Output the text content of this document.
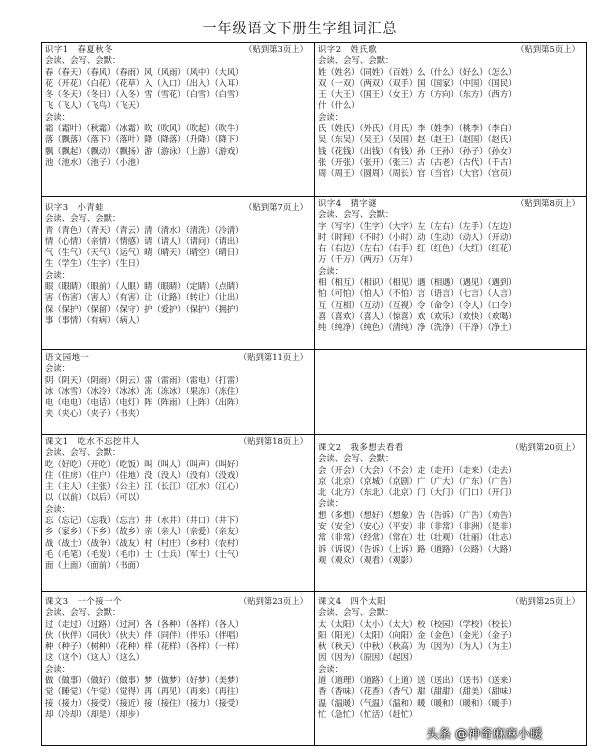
一年级语文下册生字组词汇总
识字1　春夏秋冬	（贴到第3页上）
会读、会写、会默：
春（春天）（春风）（春雨）风（风雨）（风中）（大风）
花（开花）（白花）（花草）入（入口）（出入）（入耳）
冬（冬天）（冬日）（入冬）雪（雪花）（白雪）（白雪）
飞（飞人）（飞鸟）（飞天）
会读：
霜（霜叶）（秋霜）（冰霜）吹（吹风）（吹起）（吹牛）
落（飘落）（落下）（落叶）降（降落）（升降）（降下）
飘（飘起）（飘动）（飘扬）游（游泳）（上游）（游戏）
池（池水）（池子）（小池）
识字2　姓氏歌	（贴到第5页上）
会读、会写、会默：
姓（姓名）（同姓）（百姓）么（什么）（好么）（怎么）
双（一双）（两双）（双手）国（国家）（中国）（国民）
王（大王）（国王）（女王）方（方向）（东方）（西方）
什（什么）
会读：
氏（姓氏）（外氏）（月氏）李（姓李）（桃李）（李白）
吴（东吴）（吴王）（吴国）赵（赵王）（赵国）（赵氏）
钱（花钱）（出钱）（有钱）孙（王孙）（孙子）（孙女）
张（开张）（张开）（张三）古（古老）（古代）（千古）
周（周王）（圆周）（周长）官（当官）（大官）（官员）
识字3　小青蛙	（贴到第7页上）
会读、会写、会默：
青（青色）（青天）（青云）清（清水）（清洗）（冷清）
情（心情）（亲情）（情感）请（请人）（请问）（请出）
气（生气）（天气）（运气）晴（晴天）（晴空）（晴日）
生（学生）（生字）（生日）
会读：
眼（眼睛）（眼前）（人眼）睛（眼睛）（定睛）（点睛）
害（伤害）（害人）（有害）让（让路）（转让）（让出）
保（保护）（保留）（保守）护（爱护）（保护）（拥护）
事（事情）（有病）（病人）
识字4　猜字谜	（贴到第8页上）
会读、会写、会默：
字（写字）（生字）（大字）左（左右）（左手）（左边）
时（时间）（不时）（小时）动（生动）（动人）（开动）
右（右边）（左右）（右手）红（红色）（大红）（红花）
万（千万）（两万）（万年）
会读：
相（相互）（相识）（相见）遇（相遇）（遇见）（遇到）
怕（可怕）（怕人）（不怕）言（语言）（七言）（人言）
互（互相）（互动）（互视）令（命令）（令人）（口令）
喜（喜欢）（喜人）（惊喜）欢（欢乐）（欢快）（欢喝）
纯（纯净）（纯色）（清纯）净（洗净）（干净）（净土）
语文园地一	（贴到第11页上）
会读：
阴（阴天）（阴雨）（阴云）雷（雷雨）（雷电）（打雷）
冰（冰雪）（冰冷）（冰冰）冻（冻冰）（果冻）（冻住）
电（电电）（电话）（电灯）阵（阵雨）（上阵）（出阵）
夹（夹心）（夹子）（书夹）
课文1　吃水不忘挖井人	（贴到第18页上）
会读、会写、会默：
吃（好吃）（开吃）（吃饭）叫（叫人）（叫声）（叫好）
住（住房）（住户）（住地）没（没人）（没有）（没戏）
主（主人）（主张）（公主）江（长江）（江水）（江心）
以（以前）（以后）（可以）
会读：
忘（忘记）（忘我）（忘言）井（水井）（井口）（井下）
乡（家乡）（下乡）（故乡）亲（亲人）（亲爱）（亲友）
战（战士）（战争）（战友）村（村庄）（乡村）（农村）
毛（毛笔）（毛发）（毛巾）士（士兵）（军士）（士气）
面（上面）（面前）（书面）
课文2　我多想去看看	（贴到第20页上）
会读、会写、会默：
会（开会）（大会）（不会）走（走开）（走来）（走去）
京（北京）（京城）（京剧）广（广大）（广东）（广告）
北（北方）（东北）（北京）门（大门）（门口）（开门）
会读：
想（多想）（想好）（想象）告（告诉）（广告）（劝告）
安（安全）（安心）（平安）非（非常）（非洲）（是非）
常（非常）（经常）（常在）壮（壮观）（壮丽）（壮志）
诉（诉说）（告诉）（上诉）路（道路）（公路）（大路）
观（观众）（观看）（观影）
课文3　一个接一个	（贴到第23页上）
会读、会写、会默：
过（走过）（过路）（过河）各（各种）（各样）（各人）
伙（伙伴）（同伙）（伙夫）伴（同伴）（伴乐）（伴唱）
种（种子）（树种）（花种）样（花样）（各样）（一样）
这（这个）（这人）（这么）
会读：
做（做事）（做好）（做事）梦（做梦）（好梦）（美梦）
觉（睡觉）（午觉）（觉得）再（再见）（再来）（再往）
接（接力）（接受）（接近）接（接住）（接力）（接受）
却（冷却）（却是）（却步）
课文4　四个太阳	（贴到第25页上）
会读、会写、会默：
太（太阳）（太小）（太大）校（校园）（学校）（校长）
阳（阳光）（太阳）（向阳）金（金色）（金光）（金子）
秋（秋天）（中秋）（秋高）为（因为）（为人）（为主）
因（因为）（原因）（起因）
会读：
道（道理）（道路）（上道）送（送出）（送书）（送来）
香（香味）（花香）（香气）甜（甜甜）（甜美）（甜味）
温（温暖）（气温）（温和）暖（暖和）（暖和）（暖手）
忙（急忙）（忙活）（赶忙）
头条 @神奇麻麻小暖
